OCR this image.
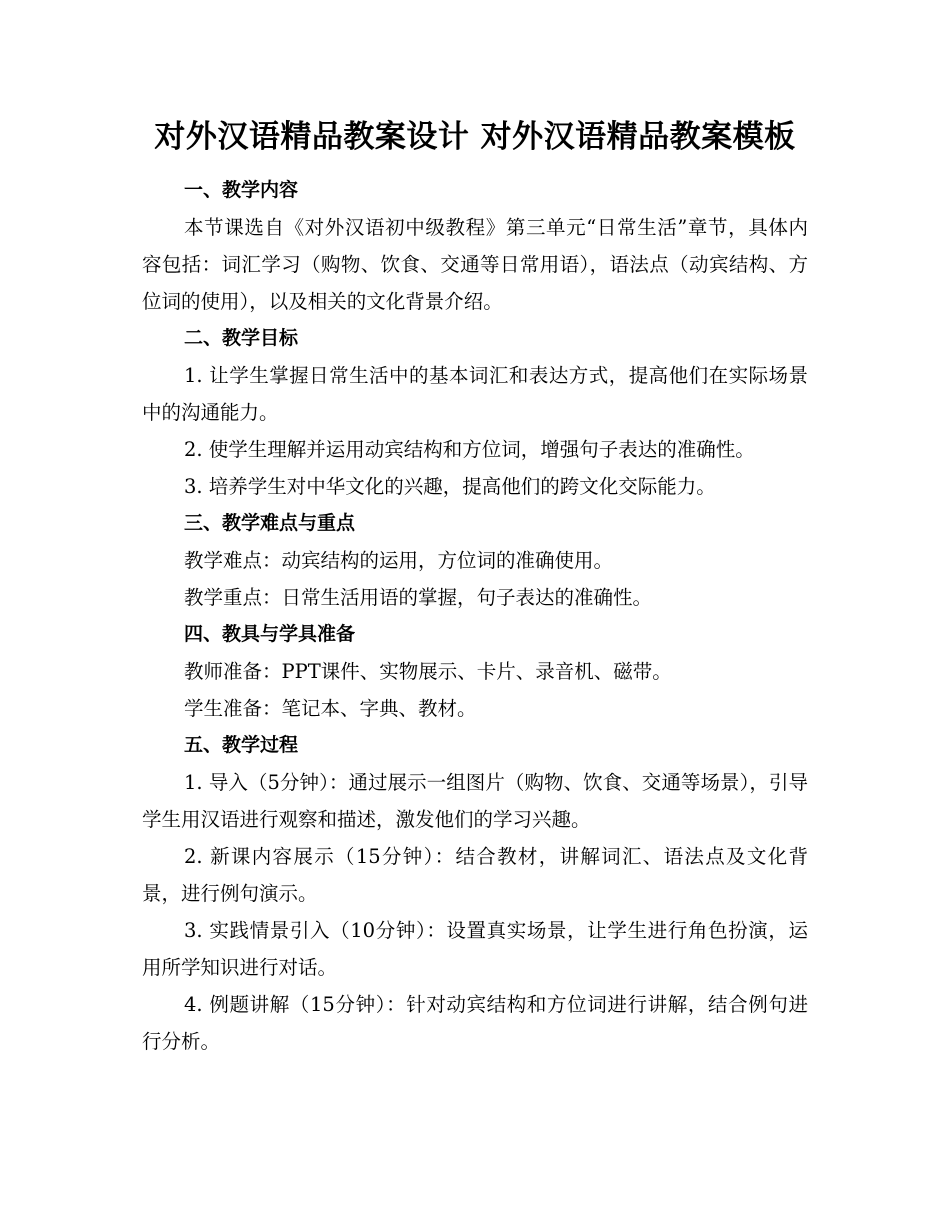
对外汉语精品教案设计 对外汉语精品教案模板
一、教学内容

本节课选自《对外汉语初中级教程》第三单元“日常生活”章节，具体内容包括：词汇学习（购物、饮食、交通等日常用语），语法点（动宾结构、方位词的使用），以及相关的文化背景介绍。

二、教学目标

1. 让学生掌握日常生活中的基本词汇和表达方式，提高他们在实际场景中的沟通能力。

2. 使学生理解并运用动宾结构和方位词，增强句子表达的准确性。

3. 培养学生对中华文化的兴趣，提高他们的跨文化交际能力。

三、教学难点与重点

教学难点：动宾结构的运用，方位词的准确使用。

教学重点：日常生活用语的掌握，句子表达的准确性。

四、教具与学具准备

教师准备：PPT课件、实物展示、卡片、录音机、磁带。

学生准备：笔记本、字典、教材。

五、教学过程

1. 导入（5分钟）：通过展示一组图片（购物、饮食、交通等场景），引导学生用汉语进行观察和描述，激发他们的学习兴趣。

2. 新课内容展示（15分钟）：结合教材，讲解词汇、语法点及文化背景，进行例句演示。

3. 实践情景引入（10分钟）：设置真实场景，让学生进行角色扮演，运用所学知识进行对话。

4. 例题讲解（15分钟）：针对动宾结构和方位词进行讲解，结合例句进行分析。
